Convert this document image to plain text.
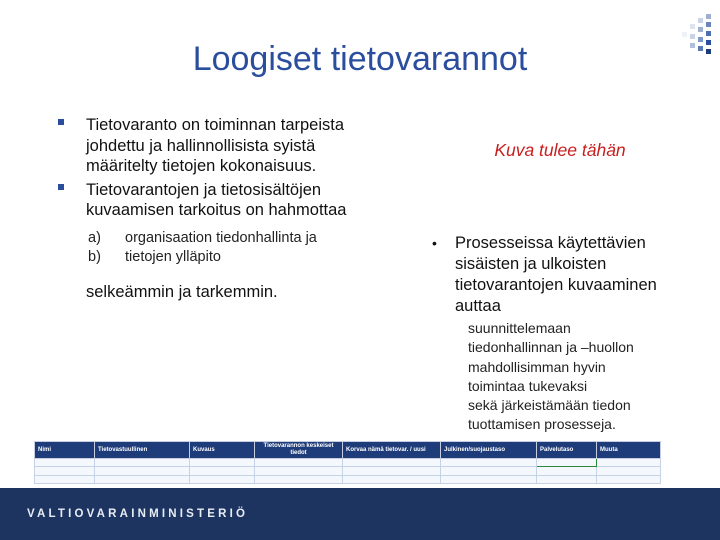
Loogiset tietovarannot
Tietovaranto on toiminnan tarpeista johdettu ja hallinnollisista syistä määritelty tietojen kokonaisuus.
Tietovarantojen ja tietosisältöjen kuvaamisen tarkoitus on hahmottaa
a) organisaation tiedonhallinta ja
b) tietojen ylläpito
selkeämmin ja tarkemmin.
Kuva tulee tähän
• Prosesseissa käytettävien sisäisten ja ulkoisten tietovarantojen kuvaaminen auttaa
suunnittelemaan
tiedonhallinnan ja –huollon
mahdollisimman hyvin
toimintaa tukevaksi
sekä järkeistämään tiedon
tuottamisen prosesseja.
Nimi	Tietovastuullinen	Kuvaus	Tietovarannon keskeiset tiedot	Korvaa nämä tietovar. / uusi	Julkinen/suojaustaso	Palvelutaso	Muuta

VALTIOVARAINMINISTERIÖ
